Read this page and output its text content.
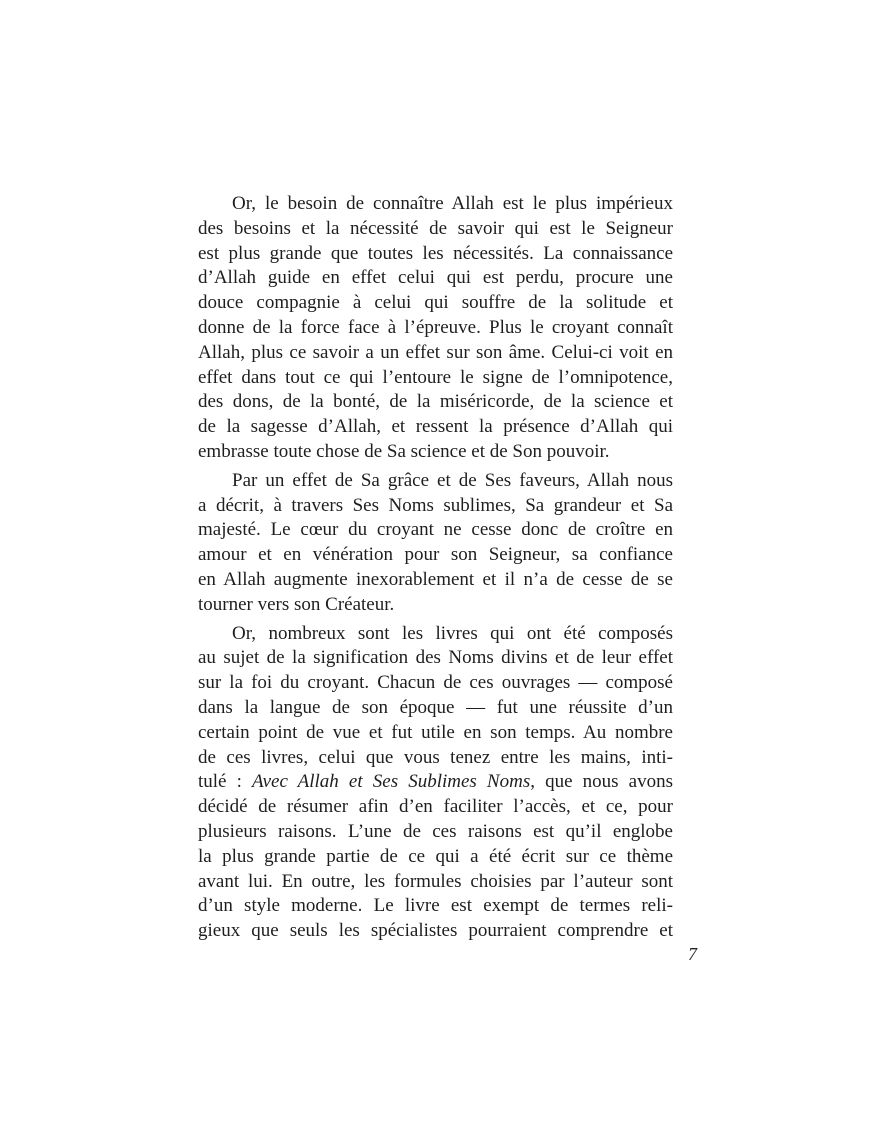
Or, le besoin de connaître Allah est le plus impérieux
des besoins et la nécessité de savoir qui est le Seigneur
est plus grande que toutes les nécessités. La connaissance
d’Allah guide en effet celui qui est perdu, procure une
douce compagnie à celui qui souffre de la solitude et
donne de la force face à l’épreuve. Plus le croyant connaît
Allah, plus ce savoir a un effet sur son âme. Celui-ci voit en
effet dans tout ce qui l’entoure le signe de l’omnipotence,
des dons, de la bonté, de la miséricorde, de la science et
de la sagesse d’Allah, et ressent la présence d’Allah qui
embrasse toute chose de Sa science et de Son pouvoir.
Par un effet de Sa grâce et de Ses faveurs, Allah nous
a décrit, à travers Ses Noms sublimes, Sa grandeur et Sa
majesté. Le cœur du croyant ne cesse donc de croître en
amour et en vénération pour son Seigneur, sa confiance
en Allah augmente inexorablement et il n’a de cesse de se
tourner vers son Créateur.
Or, nombreux sont les livres qui ont été composés
au sujet de la signification des Noms divins et de leur effet
sur la foi du croyant. Chacun de ces ouvrages — composé
dans la langue de son époque — fut une réussite d’un
certain point de vue et fut utile en son temps. Au nombre
de ces livres, celui que vous tenez entre les mains, inti-
tulé : Avec Allah et Ses Sublimes Noms, que nous avons
décidé de résumer afin d’en faciliter l’accès, et ce, pour
plusieurs raisons. L’une de ces raisons est qu’il englobe
la plus grande partie de ce qui a été écrit sur ce thème
avant lui. En outre, les formules choisies par l’auteur sont
d’un style moderne. Le livre est exempt de termes reli-
gieux que seuls les spécialistes pourraient comprendre et
7
